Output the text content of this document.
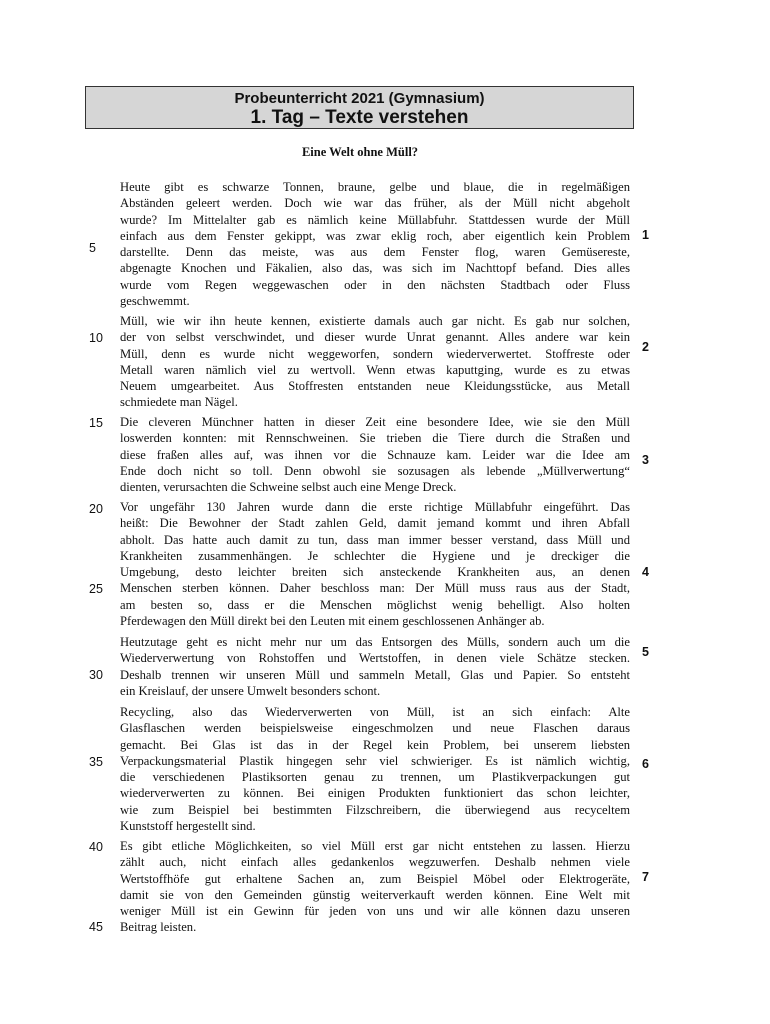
Probeunterricht 2021 (Gymnasium)
1. Tag – Texte verstehen
Eine Welt ohne Müll?
Heute gibt es schwarze Tonnen, braune, gelbe und blaue, die in regelmäßigen
Abständen geleert werden. Doch wie war das früher, als der Müll nicht abgeholt
wurde? Im Mittelalter gab es nämlich keine Müllabfuhr. Stattdessen wurde der Müll
einfach aus dem Fenster gekippt, was zwar eklig roch, aber eigentlich kein Problem
darstellte. Denn das meiste, was aus dem Fenster flog, waren Gemüsereste,
abgenagte Knochen und Fäkalien, also das, was sich im Nachttopf befand. Dies alles
wurde vom Regen weggewaschen oder in den nächsten Stadtbach oder Fluss
geschwemmt.
1
Müll, wie wir ihn heute kennen, existierte damals auch gar nicht. Es gab nur solchen,
der von selbst verschwindet, und dieser wurde Unrat genannt. Alles andere war kein
Müll, denn es wurde nicht weggeworfen, sondern wiederverwertet. Stoffreste oder
Metall waren nämlich viel zu wertvoll. Wenn etwas kaputtging, wurde es zu etwas
Neuem umgearbeitet. Aus Stoffresten entstanden neue Kleidungsstücke, aus Metall
schmiedete man Nägel.
2
Die cleveren Münchner hatten in dieser Zeit eine besondere Idee, wie sie den Müll
loswerden konnten: mit Rennschweinen. Sie trieben die Tiere durch die Straßen und
diese fraßen alles auf, was ihnen vor die Schnauze kam. Leider war die Idee am
Ende doch nicht so toll. Denn obwohl sie sozusagen als lebende „Müllverwertung“
dienten, verursachten die Schweine selbst auch eine Menge Dreck.
3
Vor ungefähr 130 Jahren wurde dann die erste richtige Müllabfuhr eingeführt. Das
heißt: Die Bewohner der Stadt zahlen Geld, damit jemand kommt und ihren Abfall
abholt. Das hatte auch damit zu tun, dass man immer besser verstand, dass Müll und
Krankheiten zusammenhängen. Je schlechter die Hygiene und je dreckiger die
Umgebung, desto leichter breiten sich ansteckende Krankheiten aus, an denen
Menschen sterben können. Daher beschloss man: Der Müll muss raus aus der Stadt,
am besten so, dass er die Menschen möglichst wenig behelligt. Also holten
Pferdewagen den Müll direkt bei den Leuten mit einem geschlossenen Anhänger ab.
4
Heutzutage geht es nicht mehr nur um das Entsorgen des Mülls, sondern auch um die
Wiederverwertung von Rohstoffen und Wertstoffen, in denen viele Schätze stecken.
Deshalb trennen wir unseren Müll und sammeln Metall, Glas und Papier. So entsteht
ein Kreislauf, der unsere Umwelt besonders schont.
5
Recycling, also das Wiederverwerten von Müll, ist an sich einfach: Alte
Glasflaschen werden beispielsweise eingeschmolzen und neue Flaschen daraus
gemacht. Bei Glas ist das in der Regel kein Problem, bei unserem liebsten
Verpackungsmaterial Plastik hingegen sehr viel schwieriger. Es ist nämlich wichtig,
die verschiedenen Plastiksorten genau zu trennen, um Plastikverpackungen gut
wiederverwerten zu können. Bei einigen Produkten funktioniert das schon leichter,
wie zum Beispiel bei bestimmten Filzschreibern, die überwiegend aus recyceltem
Kunststoff hergestellt sind.
6
Es gibt etliche Möglichkeiten, so viel Müll erst gar nicht entstehen zu lassen. Hierzu
zählt auch, nicht einfach alles gedankenlos wegzuwerfen. Deshalb nehmen viele
Wertstoffhöfe gut erhaltene Sachen an, zum Beispiel Möbel oder Elektrogeräte,
damit sie von den Gemeinden günstig weiterverkauft werden können. Eine Welt mit
weniger Müll ist ein Gewinn für jeden von uns und wir alle können dazu unseren
Beitrag leisten.
7
5
10
15
20
25
30
35
40
45
